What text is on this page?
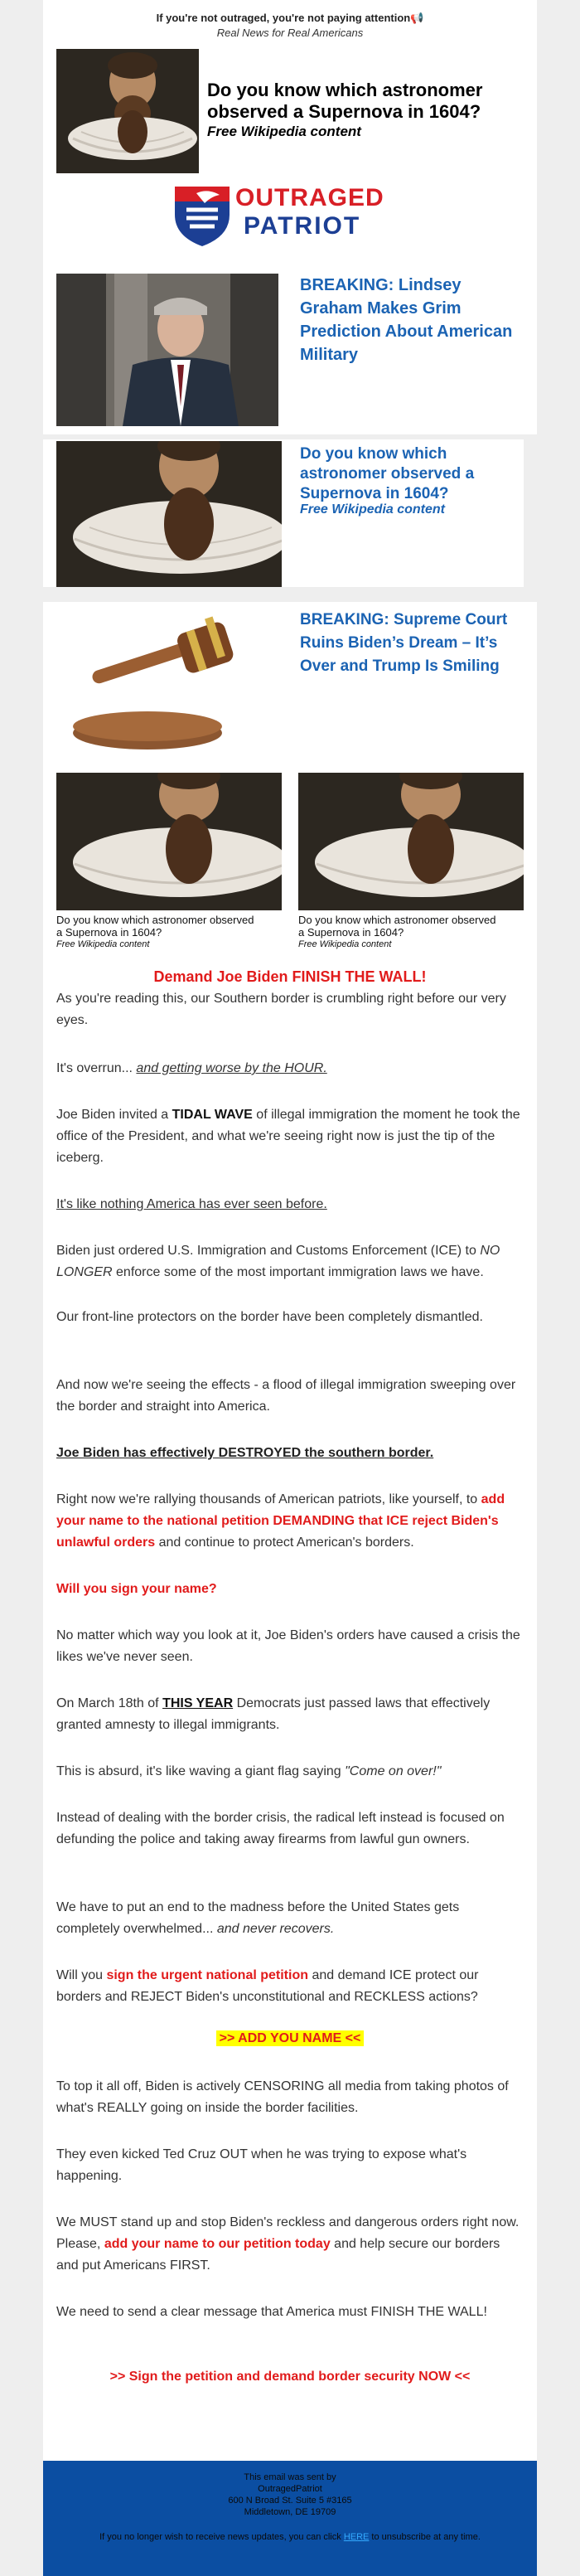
If you're not outraged, you're not paying attention📢
Real News for Real Americans
Do you know which astronomer observed a Supernova in 1604?
Free Wikipedia content
OUTRAGED
PATRIOT
BREAKING: Lindsey Graham Makes Grim Prediction About American Military
Do you know which astronomer observed a Supernova in 1604?
Free Wikipedia content
BREAKING: Supreme Court Ruins Biden’s Dream – It’s Over and Trump Is Smiling
Do you know which astronomer observed a Supernova in 1604?
Free Wikipedia content
Do you know which astronomer observed a Supernova in 1604?
Free Wikipedia content
Demand Joe Biden FINISH THE WALL!
As you're reading this, our Southern border is crumbling right before our very eyes.
It's overrun... and getting worse by the HOUR.
Joe Biden invited a TIDAL WAVE of illegal immigration the moment he took the office of the President, and what we're seeing right now is just the tip of the iceberg.
It's like nothing America has ever seen before.
Biden just ordered U.S. Immigration and Customs Enforcement (ICE) to NO LONGER enforce some of the most important immigration laws we have.
Our front-line protectors on the border have been completely dismantled.
And now we're seeing the effects - a flood of illegal immigration sweeping over the border and straight into America.
Joe Biden has effectively DESTROYED the southern border.
Right now we're rallying thousands of American patriots, like yourself, to add your name to the national petition DEMANDING that ICE reject Biden's unlawful orders and continue to protect American's borders.
Will you sign your name?
No matter which way you look at it, Joe Biden's orders have caused a crisis the likes we've never seen.
On March 18th of THIS YEAR Democrats just passed laws that effectively granted amnesty to illegal immigrants.
This is absurd, it's like waving a giant flag saying "Come on over!"
Instead of dealing with the border crisis, the radical left instead is focused on defunding the police and taking away firearms from lawful gun owners.
We have to put an end to the madness before the United States gets completely overwhelmed... and never recovers.
Will you sign the urgent national petition and demand ICE protect our borders and REJECT Biden's unconstitutional and RECKLESS actions?
>> ADD YOU NAME <<
To top it all off, Biden is actively CENSORING all media from taking photos of what's REALLY going on inside the border facilities.
They even kicked Ted Cruz OUT when he was trying to expose what's happening.
We MUST stand up and stop Biden's reckless and dangerous orders right now. Please, add your name to our petition today and help secure our borders and put Americans FIRST.
We need to send a clear message that America must FINISH THE WALL!
>> Sign the petition and demand border security NOW <<
This email was sent by
OutragedPatriot
600 N Broad St. Suite 5 #3165
Middletown, DE 19709
If you no longer wish to receive news updates, you can click HERE to unsubscribe at any time.
